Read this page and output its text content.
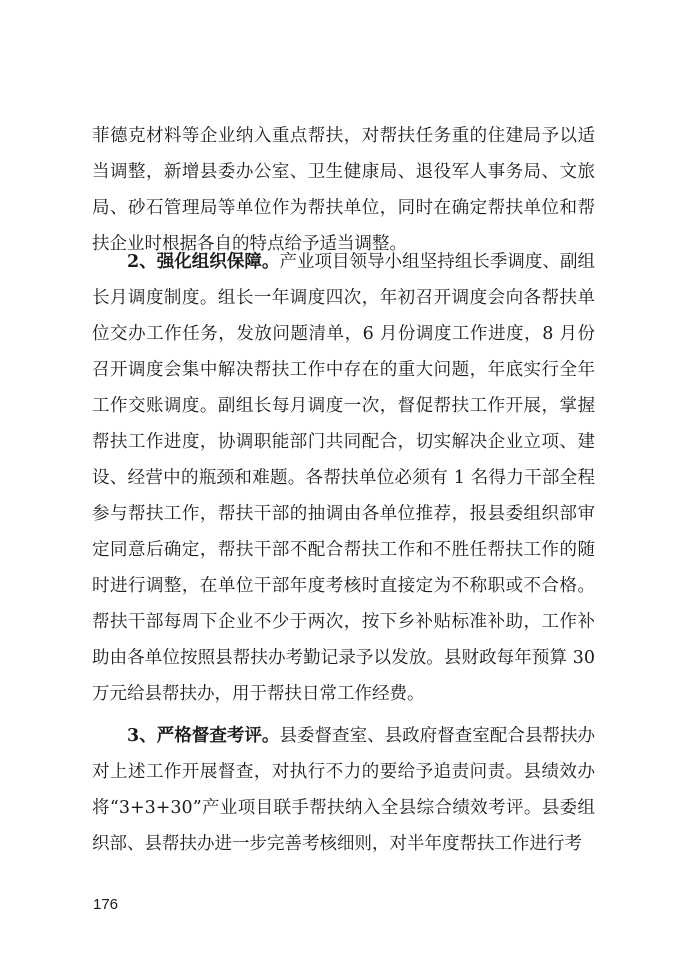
菲德克材料等企业纳入重点帮扶，对帮扶任务重的住建局予以适当调整，新增县委办公室、卫生健康局、退役军人事务局、文旅局、砂石管理局等单位作为帮扶单位，同时在确定帮扶单位和帮扶企业时根据各自的特点给予适当调整。

2、强化组织保障。产业项目领导小组坚持组长季调度、副组长月调度制度。组长一年调度四次，年初召开调度会向各帮扶单位交办工作任务，发放问题清单，6 月份调度工作进度，8 月份召开调度会集中解决帮扶工作中存在的重大问题，年底实行全年工作交账调度。副组长每月调度一次，督促帮扶工作开展，掌握帮扶工作进度，协调职能部门共同配合，切实解决企业立项、建设、经营中的瓶颈和难题。各帮扶单位必须有 1 名得力干部全程参与帮扶工作，帮扶干部的抽调由各单位推荐，报县委组织部审定同意后确定，帮扶干部不配合帮扶工作和不胜任帮扶工作的随时进行调整，在单位干部年度考核时直接定为不称职或不合格。帮扶干部每周下企业不少于两次，按下乡补贴标准补助，工作补助由各单位按照县帮扶办考勤记录予以发放。县财政每年预算 30 万元给县帮扶办，用于帮扶日常工作经费。

3、严格督查考评。县委督查室、县政府督查室配合县帮扶办对上述工作开展督查，对执行不力的要给予追责问责。县绩效办将“3+3+30”产业项目联手帮扶纳入全县综合绩效考评。县委组织部、县帮扶办进一步完善考核细则，对半年度帮扶工作进行考

176
